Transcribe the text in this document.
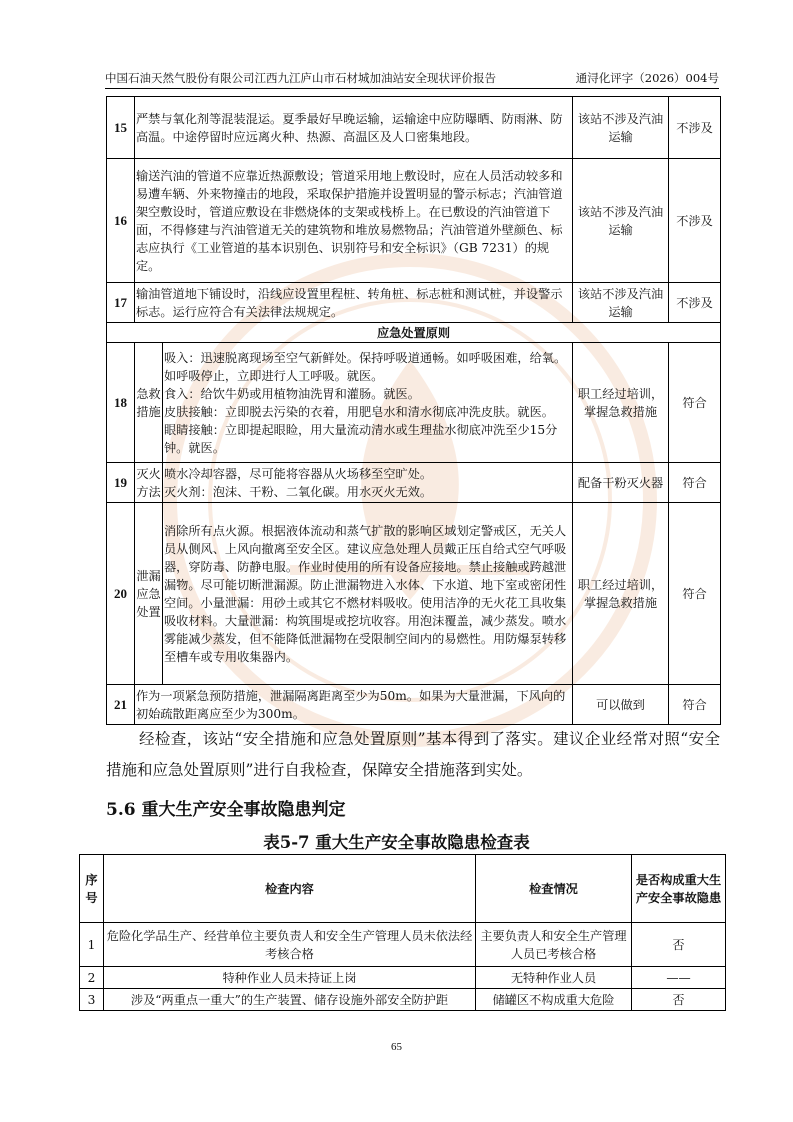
中国石油天然气股份有限公司江西九江庐山市石材城加油站安全现状评价报告	通浔化评字（2026）004号
15	严禁与氧化剂等混装混运。夏季最好早晚运输，运输途中应防曝晒、防雨淋、防高温。中途停留时应远离火种、热源、高温区及人口密集地段。		该站不涉及汽油运输	不涉及
16	输送汽油的管道不应靠近热源敷设；管道采用地上敷设时，应在人员活动较多和易遭车辆、外来物撞击的地段，采取保护措施并设置明显的警示标志；汽油管道架空敷设时，管道应敷设在非燃烧体的支架或栈桥上。在已敷设的汽油管道下面，不得修建与汽油管道无关的建筑物和堆放易燃物品；汽油管道外壁颜色、标志应执行《工业管道的基本识别色、识别符号和安全标识》（GB 7231）的规定。		该站不涉及汽油运输	不涉及
17	输油管道地下铺设时，沿线应设置里程桩、转角桩、标志桩和测试桩，并设警示标志。运行应符合有关法律法规规定。		该站不涉及汽油运输	不涉及
应急处置原则				
18	急救措施	吸入：迅速脱离现场至空气新鲜处。保持呼吸道通畅。如呼吸困难，给氧。如呼吸停止，立即进行人工呼吸。就医。
食入：给饮牛奶或用植物油洗胃和灌肠。就医。
皮肤接触：立即脱去污染的衣着，用肥皂水和清水彻底冲洗皮肤。就医。
眼睛接触：立即提起眼睑，用大量流动清水或生理盐水彻底冲洗至少15分钟。就医。	职工经过培训，掌握急救措施	符合
19	灭火方法	喷水冷却容器，尽可能将容器从火场移至空旷处。
灭火剂：泡沫、干粉、二氧化碳。用水灭火无效。	配备干粉灭火器	符合
20	泄漏应急处置	消除所有点火源。根据液体流动和蒸气扩散的影响区域划定警戒区，无关人员从侧风、上风向撤离至安全区。建议应急处理人员戴正压自给式空气呼吸器，穿防毒、防静电服。作业时使用的所有设备应接地。禁止接触或跨越泄漏物。尽可能切断泄漏源。防止泄漏物进入水体、下水道、地下室或密闭性空间。小量泄漏：用砂土或其它不燃材料吸收。使用洁净的无火花工具收集吸收材料。大量泄漏：构筑围堤或挖坑收容。用泡沫覆盖，减少蒸发。喷水雾能减少蒸发，但不能降低泄漏物在受限制空间内的易燃性。用防爆泵转移至槽车或专用收集器内。	职工经过培训，掌握急救措施	符合
21	作为一项紧急预防措施，泄漏隔离距离至少为50m。如果为大量泄漏，下风向的初始疏散距离应至少为300m。		可以做到	符合
经检查，该站“安全措施和应急处置原则”基本得到了落实。建议企业经常对照“安全措施和应急处置原则”进行自我检查，保障安全措施落到实处。
5.6 重大生产安全事故隐患判定
表5-7 重大生产安全事故隐患检查表
序号	检查内容	检查情况	是否构成重大生产安全事故隐患
1	危险化学品生产、经营单位主要负责人和安全生产管理人员未依法经考核合格	主要负责人和安全生产管理人员已考核合格	否
2	特种作业人员未持证上岗	无特种作业人员	——
3	涉及“两重点一重大”的生产装置、储存设施外部安全防护距	储罐区不构成重大危险	否
65
